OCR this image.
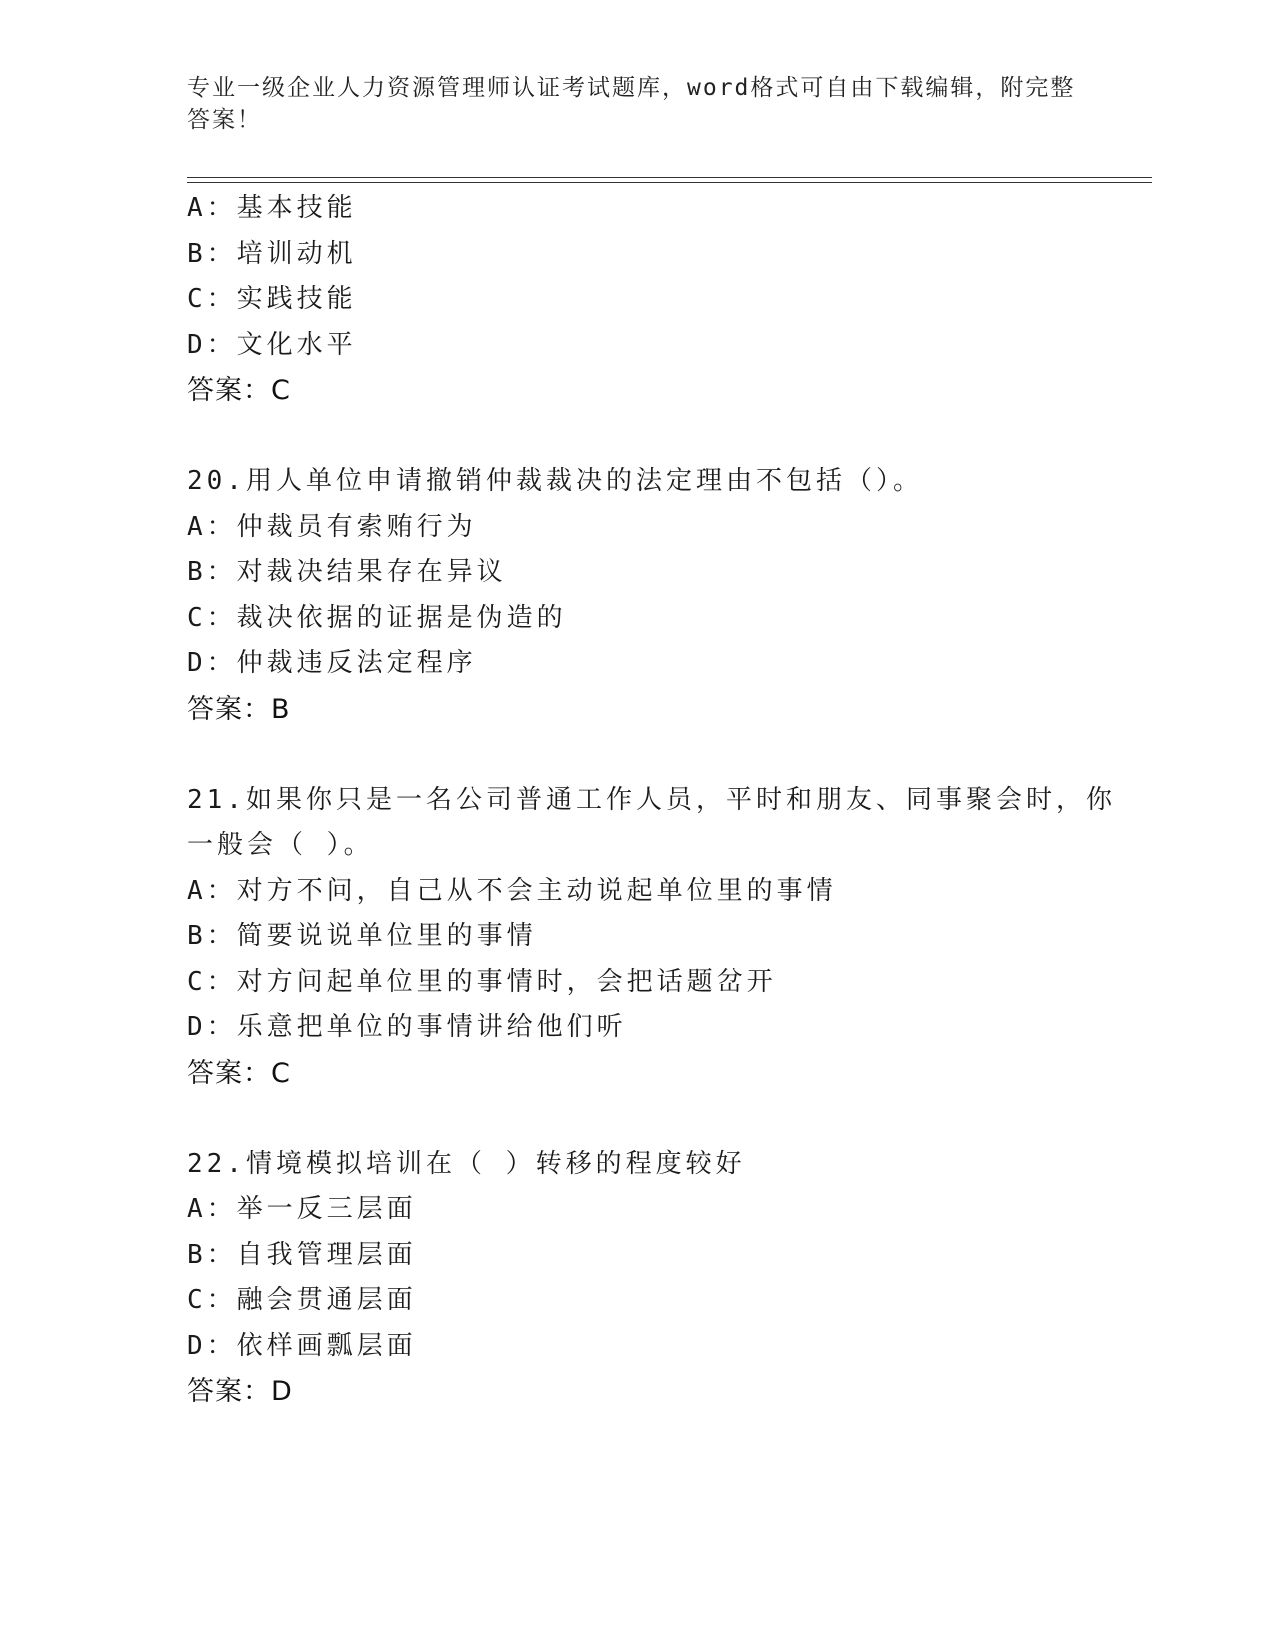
专业一级企业人力资源管理师认证考试题库，word格式可自由下载编辑，附完整
答案！
A：基本技能
B：培训动机
C：实践技能
D：文化水平
答案：C
20.用人单位申请撤销仲裁裁决的法定理由不包括（）。
A：仲裁员有索贿行为
B：对裁决结果存在异议
C：裁决依据的证据是伪造的
D：仲裁违反法定程序
答案：B
21.如果你只是一名公司普通工作人员，平时和朋友、同事聚会时，你
一般会（ ）。
A：对方不问，自己从不会主动说起单位里的事情
B：简要说说单位里的事情
C：对方问起单位里的事情时，会把话题岔开
D：乐意把单位的事情讲给他们听
答案：C
22.情境模拟培训在（ ）转移的程度较好
A：举一反三层面
B：自我管理层面
C：融会贯通层面
D：依样画瓢层面
答案：D
